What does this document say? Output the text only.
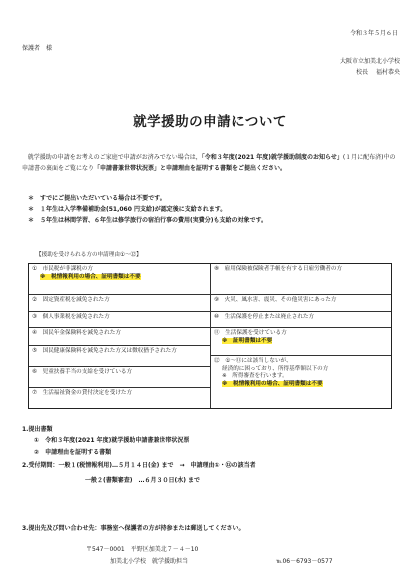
令和３年５月６日
保護者　様
大阪市立加美北小学校
校長　 福村恭央
就学援助の申請について
就学援助の申請をお考えのご家庭で申請がお済みでない場合は，「令和３年度(2021 年度)就学援助制度のお知らせ」(１月に配布済)中の申請書の裏面をご覧になり「申請書兼世帯状況票」と申請理由を証明する書類をご提出ください。
＊ すでにご提出いただいている場合は不要です。
＊ １年生は入学準備補助金(51,060 円支給)が認定後に支給されます。
＊ ５年生は林間学習、６年生は修学旅行の宿泊行事の費用(実費分)も支給の対象です。
【援助を受けられる方の申請理由①～⑫】
①　市民税が非課税の方
※　税情報利用の場合、証明書類は不要
②　固定資産税を減免された方
③　個人事業税を減免された方
④　国民年金保険料を減免された方
⑤　国民健康保険料を減免された方又は徴収猶予された方
⑥　児童扶養手当の支給を受けている方
⑦　生活福祉資金の貸付決定を受けた方
⑧　雇用保険被保険者手帳を有する日雇労働者の方
⑨　火災、風水害、震災、その他災害にあった方
⑩　生活保護を停止または廃止された方
⑪　生活保護を受けている方
※　証明書類は不要
⑫　①～⑪には該当しないが、
経済的に困っており、所得基準額以下の方
※　所得審査を行います。
※　税情報利用の場合、証明書類は不要
1.提出書類
①　令和３年度(2021 年度)就学援助申請書兼世帯状況票
②　申請理由を証明する書類
2.受付期間：一般１(税情報利用)…５月１４日(金) まで　→　申請理由①・⑫の該当者
一般２(書類審査)　…６月３０日(水) まで
3.提出先及び問い合わせ先：事務室へ保護者の方が持参または郵送してください。
〒547－0001　平野区加美北７－４－10
加美北小学校　就学援助担当	℡06－6793－0577
